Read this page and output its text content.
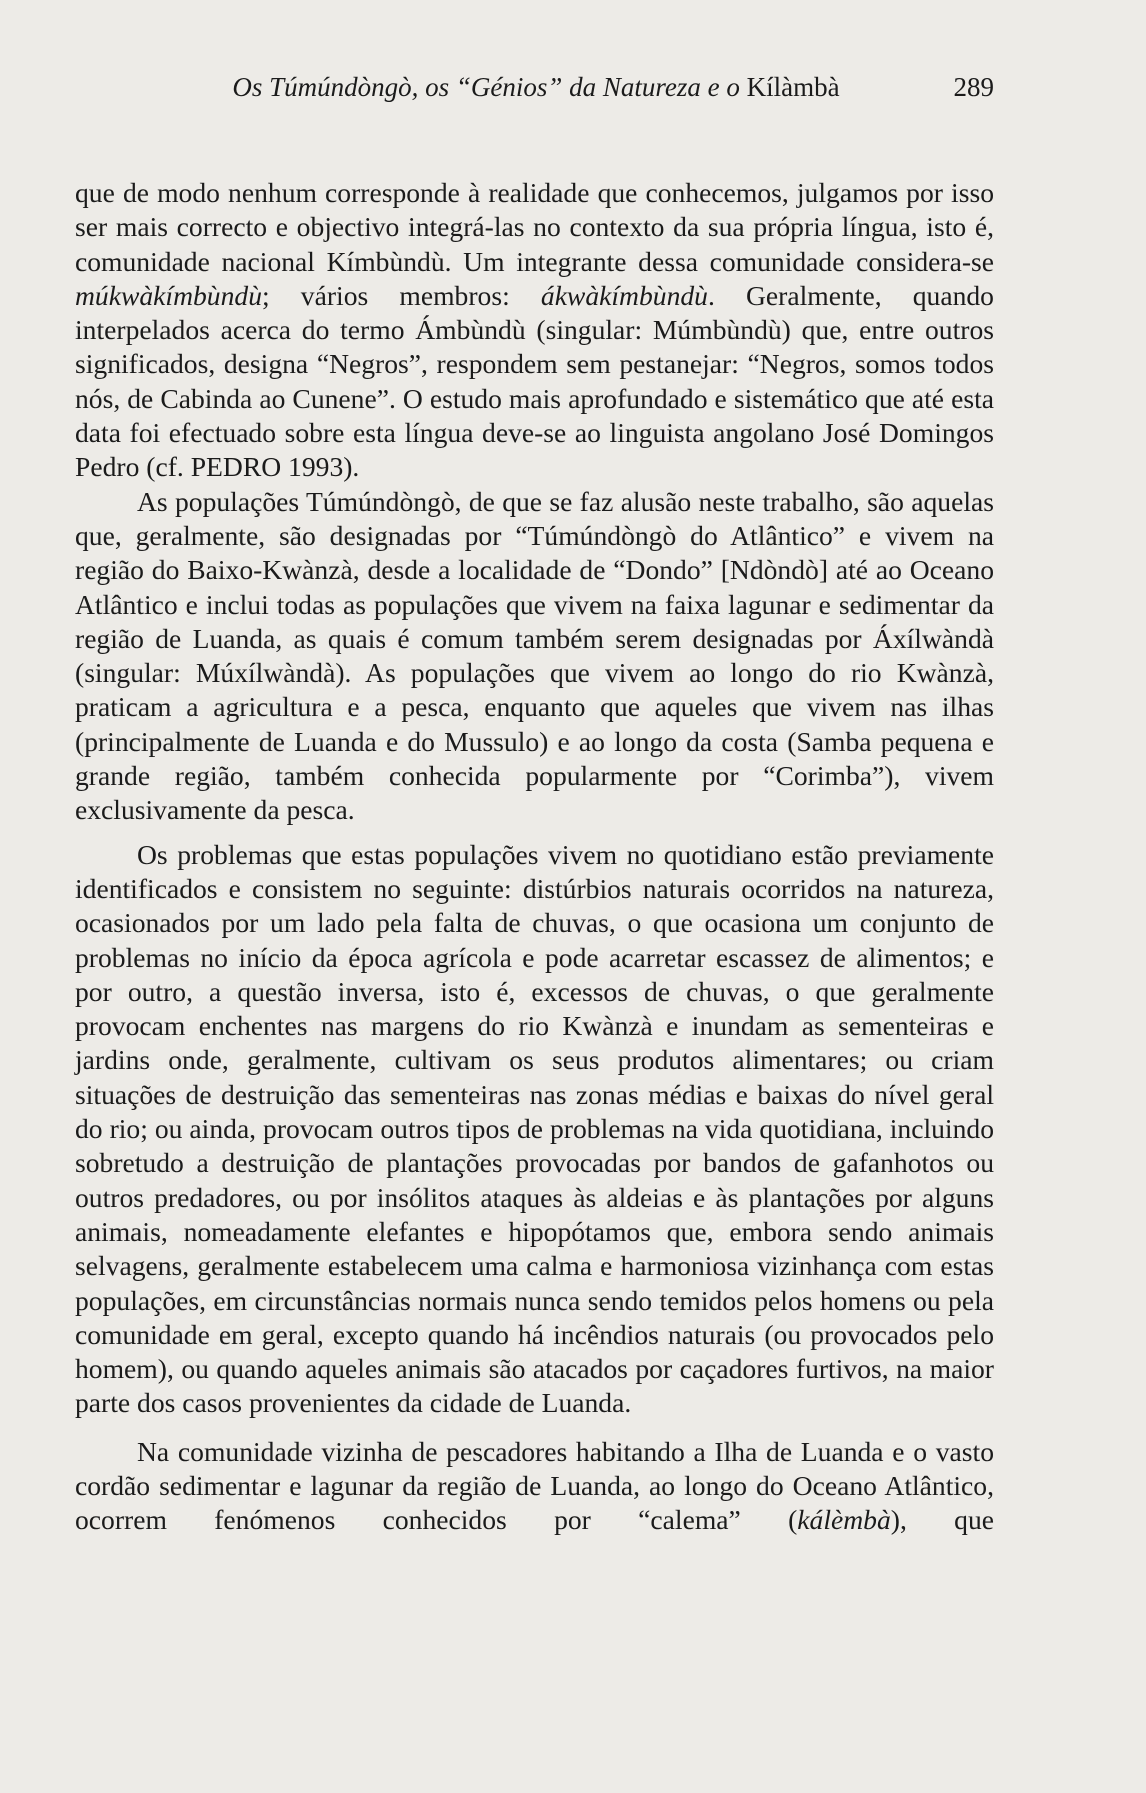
Os Túmúndòngò, os “Génios” da Natureza e o Kílàmbà	289

que de modo nenhum corresponde à realidade que conhecemos, julgamos por isso ser mais correcto e objectivo integrá-las no contexto da sua própria língua, isto é, comunidade nacional Kímbùndù. Um integrante dessa comunidade considera-se múkwàkímbùndù; vários membros: ákwàkímbùndù. Geralmente, quando interpelados acerca do termo Ámbùndù (singular: Múmbùndù) que, entre outros significados, designa “Negros”, respondem sem pestanejar: “Negros, somos todos nós, de Cabinda ao Cunene”. O estudo mais aprofundado e sistemático que até esta data foi efectuado sobre esta língua deve-se ao linguista angolano José Domingos Pedro (cf. PEDRO 1993).

As populações Túmúndòngò, de que se faz alusão neste trabalho, são aquelas que, geralmente, são designadas por “Túmúndòngò do Atlântico” e vivem na região do Baixo-Kwànzà, desde a localidade de “Dondo” [Ndòndò] até ao Oceano Atlântico e inclui todas as populações que vivem na faixa lagunar e sedimentar da região de Luanda, as quais é comum também serem designadas por Áxílwàndà (singular: Múxílwàndà). As populações que vivem ao longo do rio Kwànzà, praticam a agricultura e a pesca, enquanto que aqueles que vivem nas ilhas (principalmente de Luanda e do Mussulo) e ao longo da costa (Samba pequena e grande região, também conhecida popularmente por “Corimba”), vivem exclusivamente da pesca.

Os problemas que estas populações vivem no quotidiano estão previamente identificados e consistem no seguinte: distúrbios naturais ocorridos na natureza, ocasionados por um lado pela falta de chuvas, o que ocasiona um conjunto de problemas no início da época agrícola e pode acarretar escassez de alimentos; e por outro, a questão inversa, isto é, excessos de chuvas, o que geralmente provocam enchentes nas margens do rio Kwànzà e inundam as sementeiras e jardins onde, geralmente, cultivam os seus produtos alimentares; ou criam situações de destruição das sementeiras nas zonas médias e baixas do nível geral do rio; ou ainda, provocam outros tipos de problemas na vida quotidiana, incluindo sobretudo a destruição de plantações provocadas por bandos de gafanhotos ou outros predadores, ou por insólitos ataques às aldeias e às plantações por alguns animais, nomeadamente elefantes e hipopótamos que, embora sendo animais selvagens, geralmente estabelecem uma calma e harmoniosa vizinhança com estas populações, em circunstâncias normais nunca sendo temidos pelos homens ou pela comunidade em geral, excepto quando há incêndios naturais (ou provocados pelo homem), ou quando aqueles animais são atacados por caçadores furtivos, na maior parte dos casos provenientes da cidade de Luanda.

Na comunidade vizinha de pescadores habitando a Ilha de Luanda e o vasto cordão sedimentar e lagunar da região de Luanda, ao longo do Oceano Atlântico, ocorrem fenómenos conhecidos por “calema” (kálèmbà), que
